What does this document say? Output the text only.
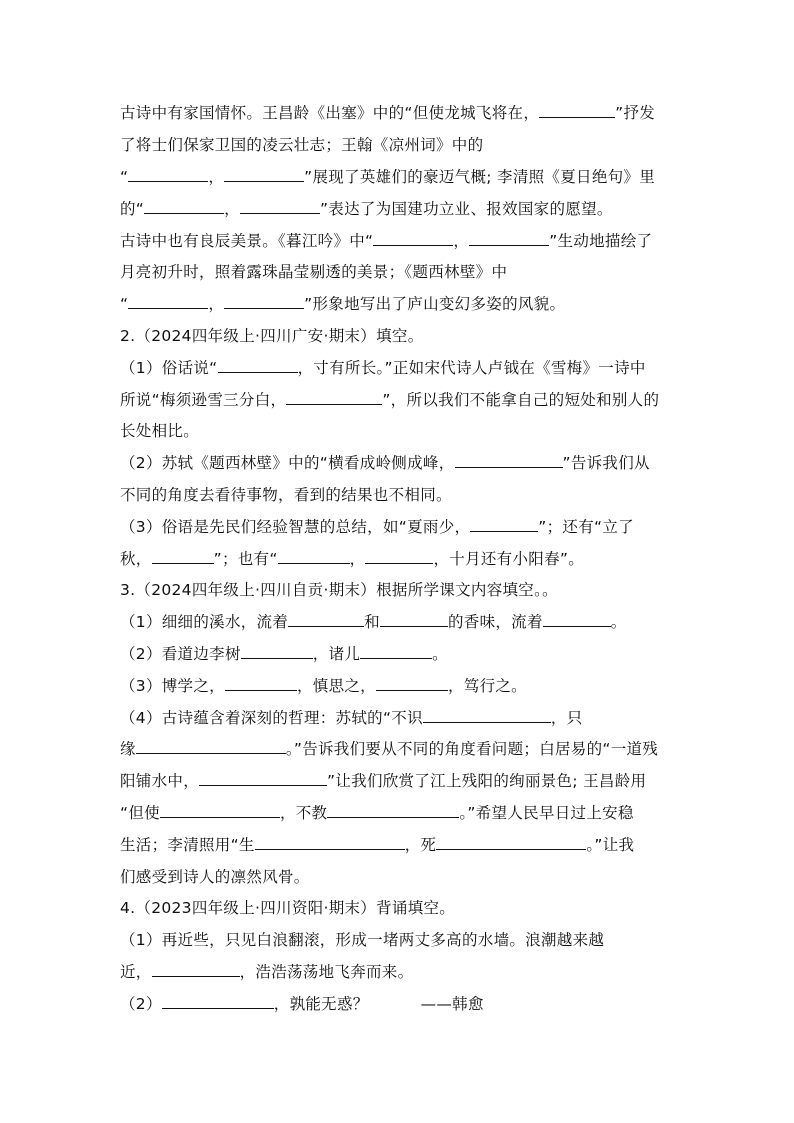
古诗中有家国情怀。王昌龄《出塞》中的“但使龙城飞将在，	”抒发
了将士们保家卫国的凌云壮志；王翰《凉州词》中的
“	，	”展现了英雄们的豪迈气概; 李清照《夏日绝句》里
的“	，	”表达了为国建功立业、报效国家的愿望。
古诗中也有良辰美景。《暮江吟》中“	，	”生动地描绘了
月亮初升时，照着露珠晶莹剔透的美景；《题西林壁》中
“	，	”形象地写出了庐山变幻多姿的风貌。
2.（2024四年级上·四川广安·期末）填空。
（1）俗话说“	，寸有所长。”正如宋代诗人卢钺在《雪梅》一诗中
所说“梅须逊雪三分白，	”，所以我们不能拿自己的短处和别人的
长处相比。
（2）苏轼《题西林壁》中的“横看成岭侧成峰，	”告诉我们从
不同的角度去看待事物，看到的结果也不相同。
（3）俗语是先民们经验智慧的总结，如“夏雨少，	”；还有“立了
秋，	”；也有“	，	，十月还有小阳春”。
3.（2024四年级上·四川自贡·期末）根据所学课文内容填空。。
（1）细细的溪水，流着	和	的香味，流着	。
（2）看道边李树	，诸儿	。
（3）博学之，	，慎思之，	，笃行之。
（4）古诗蕴含着深刻的哲理：苏轼的“不识	，只
缘	。”告诉我们要从不同的角度看问题；白居易的“一道残
阳铺水中，	”让我们欣赏了江上残阳的绚丽景色; 王昌龄用
“但使	，不教	。”希望人民早日过上安稳
生活；李清照用“生	，死	。”让我
们感受到诗人的凛然风骨。
4.（2023四年级上·四川资阳·期末）背诵填空。
（1）再近些，只见白浪翻滚，形成一堵两丈多高的水墙。浪潮越来越
近，	，浩浩荡荡地飞奔而来。
（2）	，孰能无惑？	——韩愈
